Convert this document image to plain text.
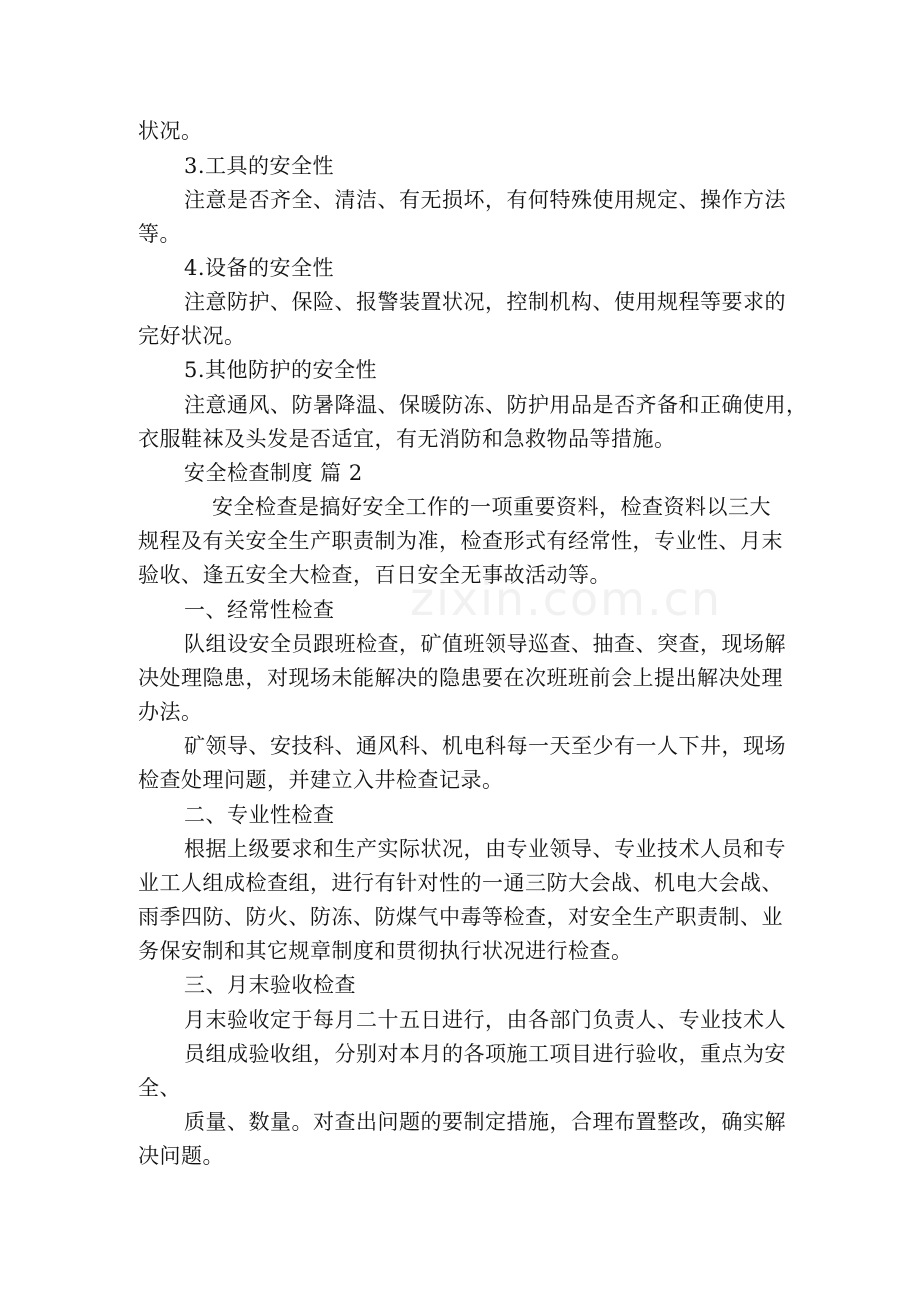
zixin.com.cn
状况。
3.工具的安全性
注意是否齐全、清洁、有无损坏，有何特殊使用规定、操作方法
等。
4.设备的安全性
注意防护、保险、报警装置状况，控制机构、使用规程等要求的
完好状况。
5.其他防护的安全性
注意通风、防暑降温、保暖防冻、防护用品是否齐备和正确使用，
衣服鞋袜及头发是否适宜，有无消防和急救物品等措施。
安全检查制度 篇 2
安全检查是搞好安全工作的一项重要资料，检查资料以三大
规程及有关安全生产职责制为准，检查形式有经常性，专业性、月末
验收、逢五安全大检查，百日安全无事故活动等。
一、经常性检查
队组设安全员跟班检查，矿值班领导巡查、抽查、突查，现场解
决处理隐患，对现场未能解决的隐患要在次班班前会上提出解决处理
办法。
矿领导、安技科、通风科、机电科每一天至少有一人下井，现场
检查处理问题，并建立入井检查记录。
二、专业性检查
根据上级要求和生产实际状况，由专业领导、专业技术人员和专
业工人组成检查组，进行有针对性的一通三防大会战、机电大会战、
雨季四防、防火、防冻、防煤气中毒等检查，对安全生产职责制、业
务保安制和其它规章制度和贯彻执行状况进行检查。
三、月末验收检查
月末验收定于每月二十五日进行，由各部门负责人、专业技术人
员组成验收组，分别对本月的各项施工项目进行验收，重点为安
全、
质量、数量。对查出问题的要制定措施，合理布置整改，确实解
决问题。
